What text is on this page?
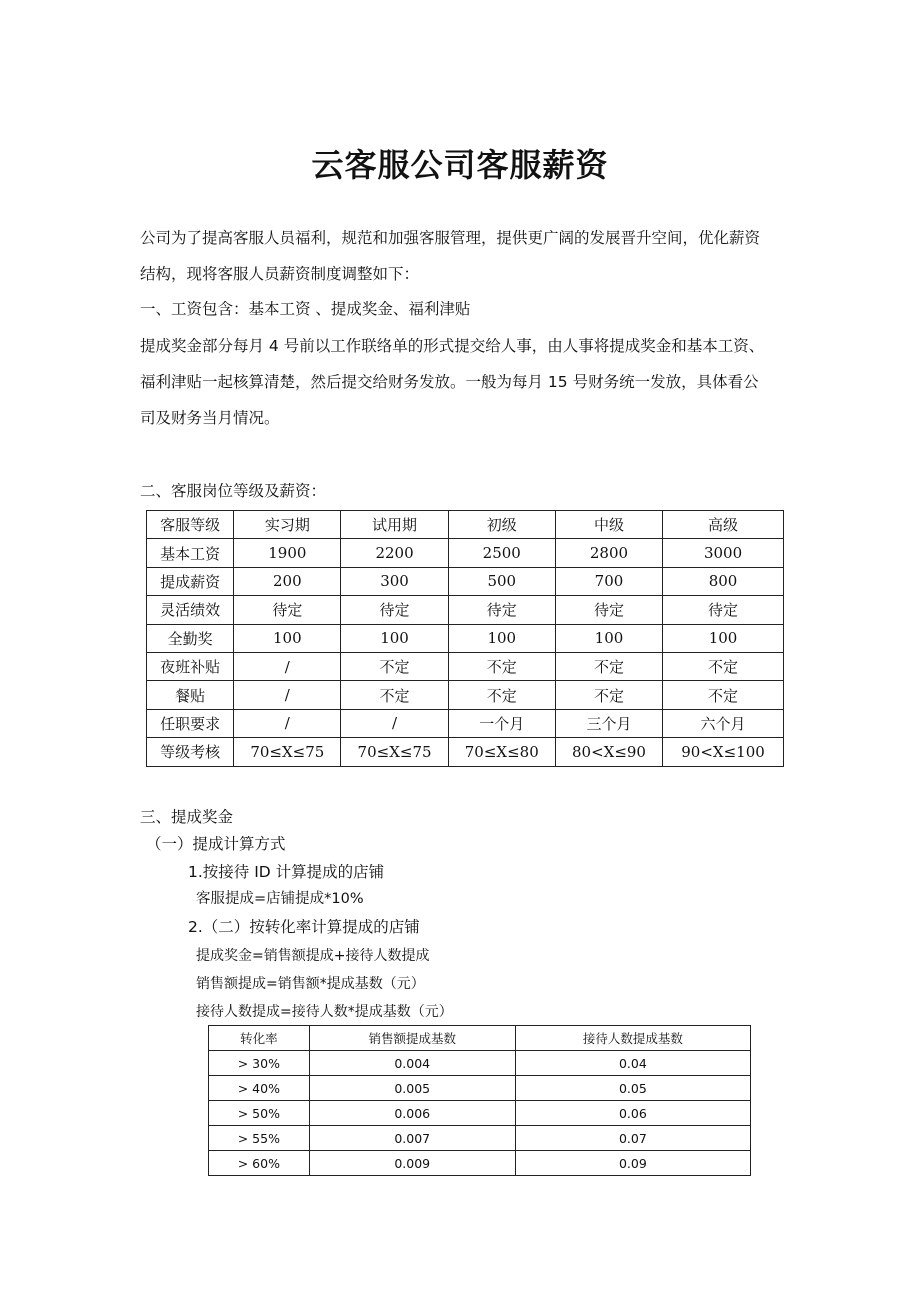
云客服公司客服薪资
公司为了提高客服人员福利，规范和加强客服管理，提供更广阔的发展晋升空间，优化薪资
结构，现将客服人员薪资制度调整如下：
一、工资包含：基本工资 、提成奖金、福利津贴
提成奖金部分每月 4 号前以工作联络单的形式提交给人事，由人事将提成奖金和基本工资、
福利津贴一起核算清楚，然后提交给财务发放。一般为每月 15 号财务统一发放，具体看公
司及财务当月情况。
二、客服岗位等级及薪资：
客服等级	实习期	试用期	初级	中级	高级
基本工资	1900	2200	2500	2800	3000
提成薪资	200	300	500	700	800
灵活绩效	待定	待定	待定	待定	待定
全勤奖	100	100	100	100	100
夜班补贴	/	不定	不定	不定	不定
餐贴	/	不定	不定	不定	不定
任职要求	/	/	一个月	三个月	六个月
等级考核	70≤X≤75	70≤X≤75	70≤X≤80	80<X≤90	90<X≤100
三、提成奖金
（一）提成计算方式
1.按接待 ID 计算提成的店铺
客服提成=店铺提成*10%
2.（二）按转化率计算提成的店铺
提成奖金=销售额提成+接待人数提成
销售额提成=销售额*提成基数（元）
接待人数提成=接待人数*提成基数（元）
转化率	销售额提成基数	接待人数提成基数
> 30%	0.004	0.04
> 40%	0.005	0.05
> 50%	0.006	0.06
> 55%	0.007	0.07
> 60%	0.009	0.09
